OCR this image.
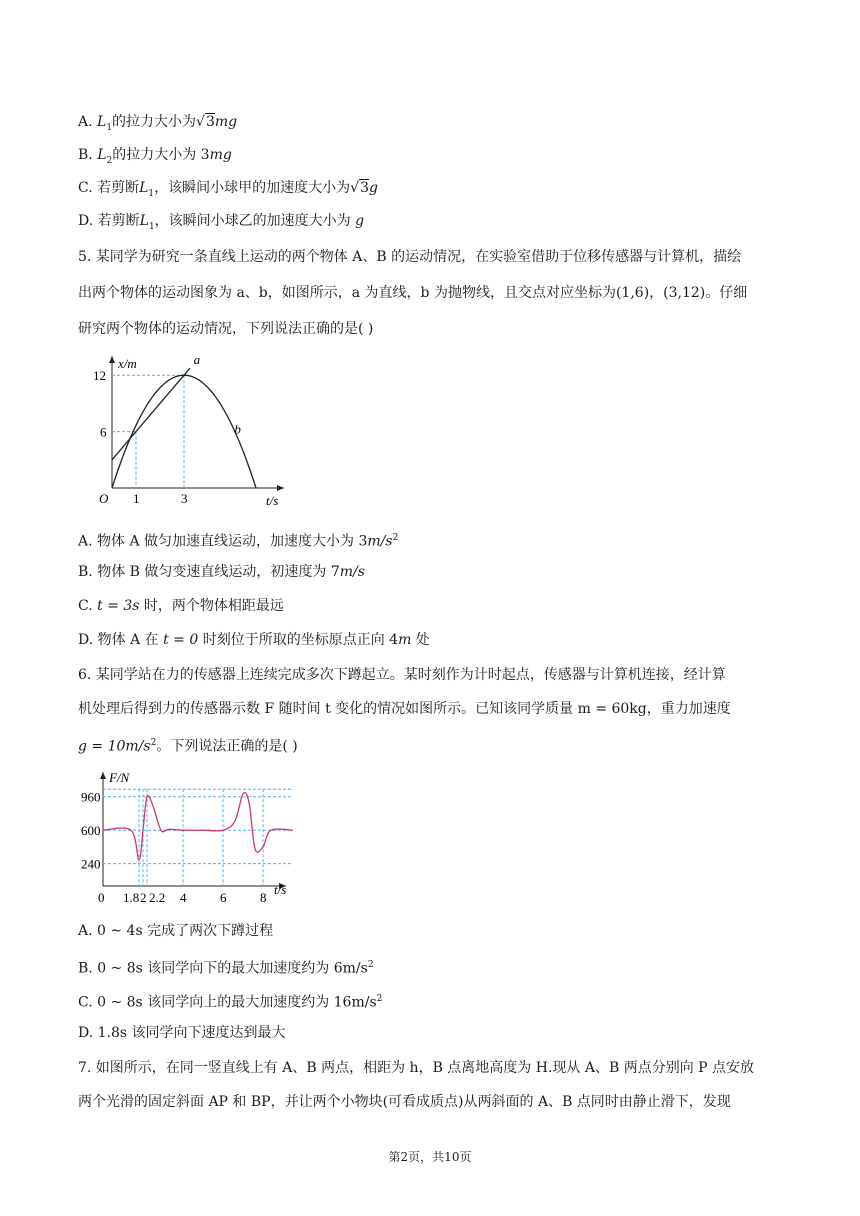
A. $L_1$的拉力大小为√3mg
B. $L_2$的拉力大小为 3mg
C. 若剪断$L_1$，该瞬间小球甲的加速度大小为√3g
D. 若剪断$L_1$，该瞬间小球乙的加速度大小为 g
5. 某同学为研究一条直线上运动的两个物体 A、B 的运动情况，在实验室借助于位移传感器与计算机，描绘
出两个物体的运动图象为 a、b，如图所示，a 为直线，b 为抛物线，且交点对应坐标为(1,6)，(3,12)。仔细
研究两个物体的运动情况，下列说法正确的是( )
t/s
x/m
O 1	3
6
12
a
b
A. 物体 A 做匀加速直线运动，加速度大小为 $3m/s^2$
B. 物体 B 做匀变速直线运动，初速度为 7m/s
C. t = 3s 时，两个物体相距最远
D. 物体 A 在 t = 0 时刻位于所取的坐标原点正向 4m 处
6. 某同学站在力的传感器上连续完成多次下蹲起立。某时刻作为计时起点，传感器与计算机连接，经计算
机处理后得到力的传感器示数 F 随时间 t 变化的情况如图所示。已知该同学质量 m = 60kg，重力加速度
$g = 10m/s^2$。下列说法正确的是( )
t/s
F/N
960
600
240
0 1.8 2 2.2 4	6	8
A. 0 ~ 4s 完成了两次下蹲过程
B. 0 ~ 8s 该同学向下的最大加速度约为 $6m/s^2$
C. 0 ~ 8s 该同学向上的最大加速度约为 $16m/s^2$
D. 1.8s 该同学向下速度达到最大
7. 如图所示，在同一竖直线上有 A、B 两点，相距为 h，B 点离地高度为 H.现从 A、B 两点分别向 P 点安放
两个光滑的固定斜面 AP 和 BP，并让两个小物块(可看成质点)从两斜面的 A、B 点同时由静止滑下，发现
第2页，共10页
